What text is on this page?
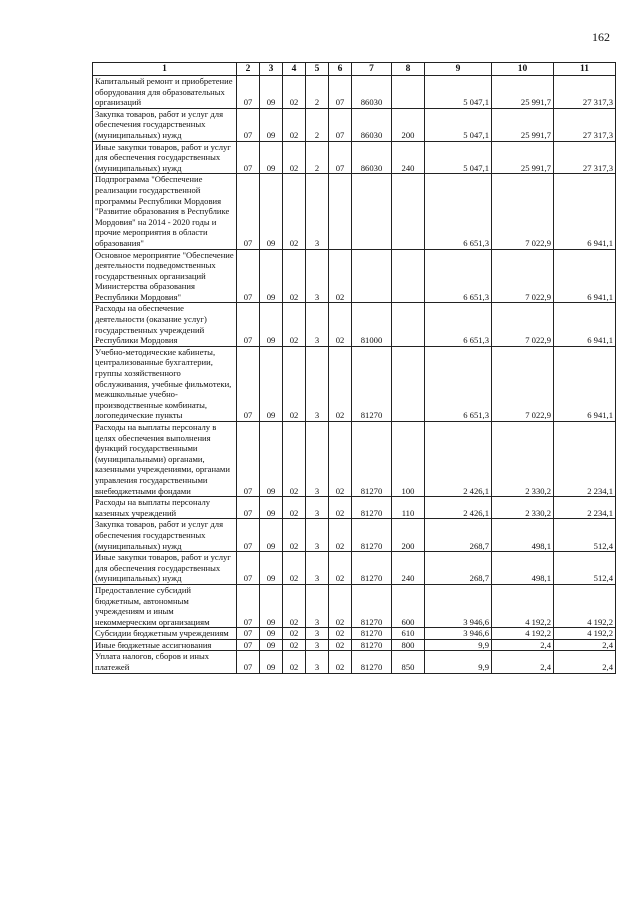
162
1	2	3	4	5	6	7	8	9	10	11
Капитальный ремонт и приобретение оборудования для образовательных организаций	07	09	02	2	07	86030		5 047,1	25 991,7	27 317,3
Закупка товаров, работ и услуг для обеспечения государственных (муниципальных) нужд	07	09	02	2	07	86030	200	5 047,1	25 991,7	27 317,3
Иные закупки товаров, работ и услуг для обеспечения государственных (муниципальных) нужд	07	09	02	2	07	86030	240	5 047,1	25 991,7	27 317,3
Подпрограмма "Обеспечение реализации государственной программы Республики Мордовия "Развитие образования в Республике Мордовия" на 2014 - 2020 годы и прочие мероприятия в области образования"	07	09	02	3				6 651,3	7 022,9	6 941,1
Основное мероприятие "Обеспечение деятельности подведомственных государственных организаций Министерства образования Республики Мордовия"	07	09	02	3	02			6 651,3	7 022,9	6 941,1
Расходы на обеспечение деятельности (оказание услуг) государственных учреждений Республики Мордовия	07	09	02	3	02	81000		6 651,3	7 022,9	6 941,1
Учебно-методические кабинеты, централизованные бухгалтерии, группы хозяйственного обслуживания, учебные фильмотеки, межшкольные учебно-производственные комбинаты, логопедические пункты	07	09	02	3	02	81270		6 651,3	7 022,9	6 941,1
Расходы на выплаты персоналу в целях обеспечения выполнения функций государственными (муниципальными) органами, казенными учреждениями, органами управления государственными внебюджетными фондами	07	09	02	3	02	81270	100	2 426,1	2 330,2	2 234,1
Расходы на выплаты персоналу казенных учреждений	07	09	02	3	02	81270	110	2 426,1	2 330,2	2 234,1
Закупка товаров, работ и услуг для обеспечения государственных (муниципальных) нужд	07	09	02	3	02	81270	200	268,7	498,1	512,4
Иные закупки товаров, работ и услуг для обеспечения государственных (муниципальных) нужд	07	09	02	3	02	81270	240	268,7	498,1	512,4
Предоставление субсидий бюджетным, автономным учреждениям и иным некоммерческим организациям	07	09	02	3	02	81270	600	3 946,6	4 192,2	4 192,2
Субсидии бюджетным учреждениям	07	09	02	3	02	81270	610	3 946,6	4 192,2	4 192,2
Иные бюджетные ассигнования	07	09	02	3	02	81270	800	9,9	2,4	2,4
Уплата налогов, сборов и иных платежей	07	09	02	3	02	81270	850	9,9	2,4	2,4
